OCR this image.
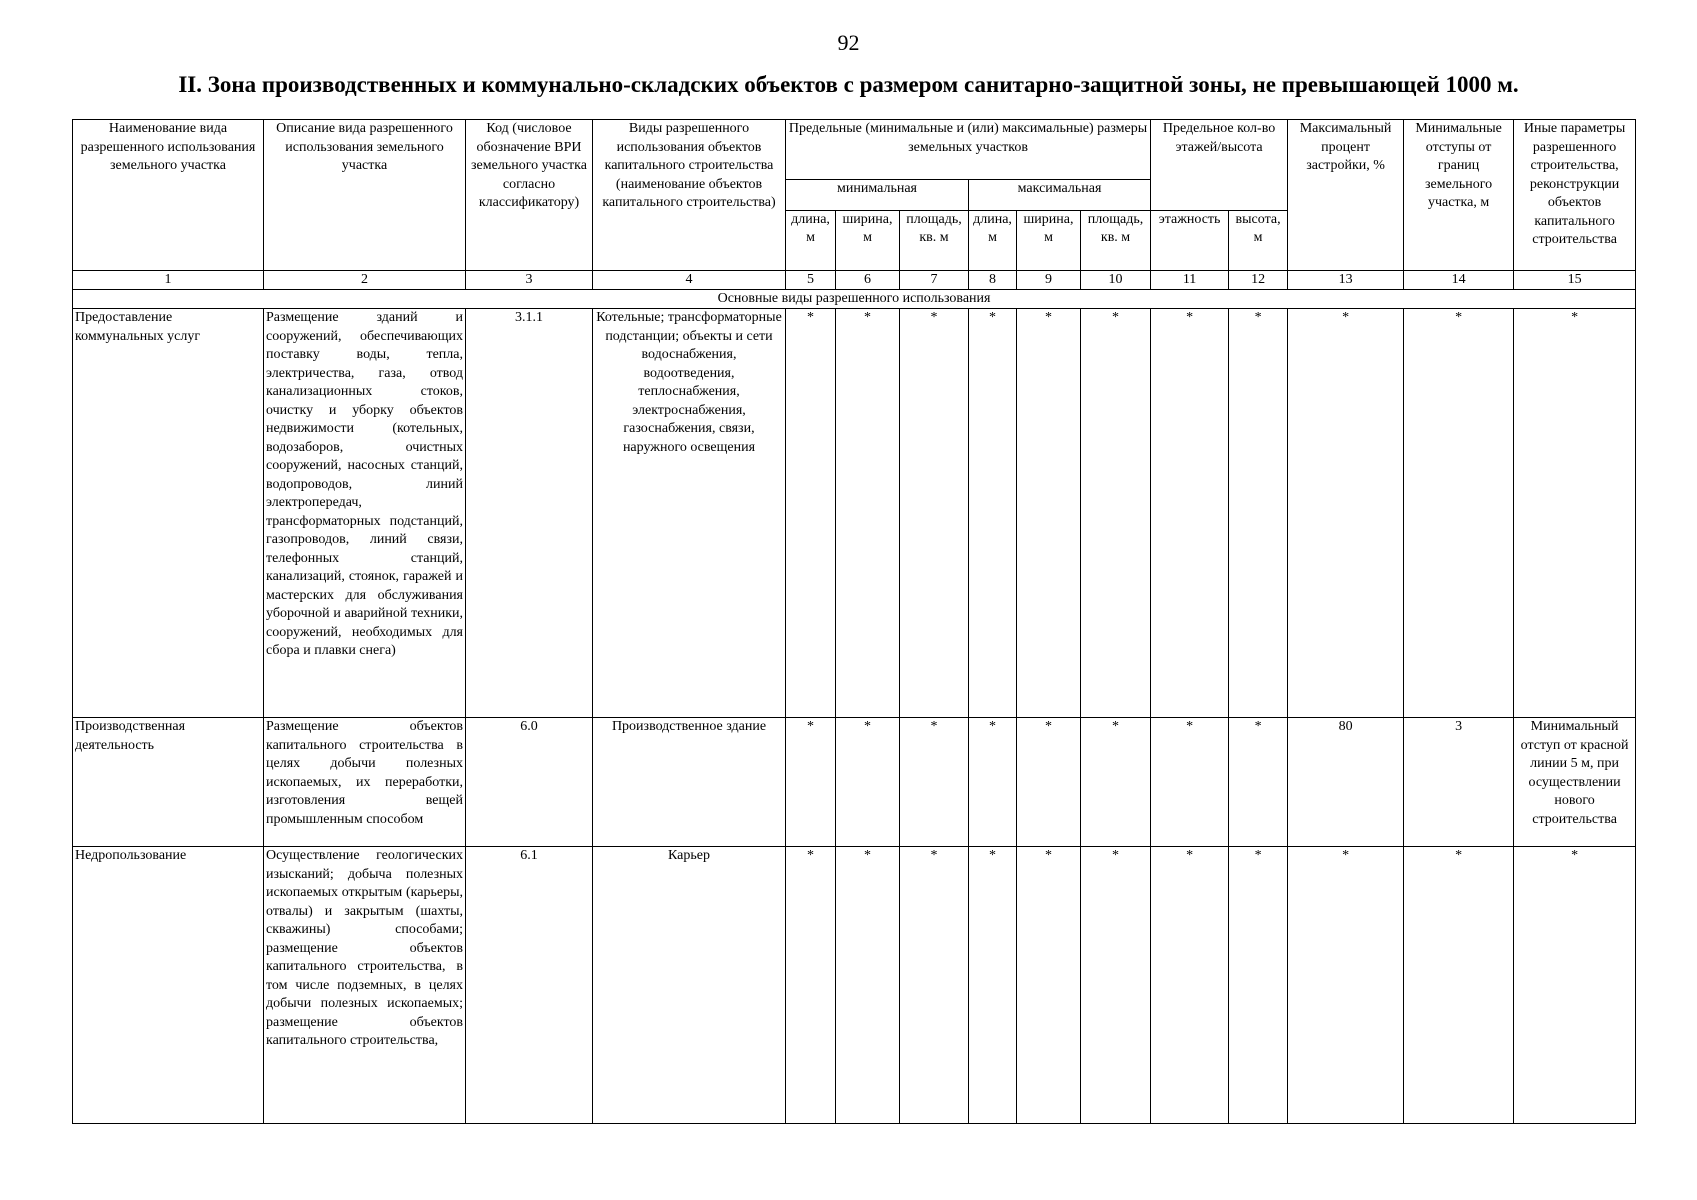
92
II. Зона производственных и коммунально-складских объектов с размером санитарно-защитной зоны, не превышающей 1000 м.
Наименование вида разрешенного использования земельного участка	Описание вида разрешенного использования земельного участка	Код (числовое обозначение ВРИ земельного участка согласно классификатору)	Виды разрешенного использования объектов капитального строительства (наименование объектов капитального строительства)	Предельные (минимальные и (или) максимальные) размеры земельных участков						Предельное кол-во этажей/высота		Максимальный процент застройки, %	Минимальные отступы от границ земельного участка, м	Иные параметры разрешенного строительства, реконструкции объектов капитального строительства
				минимальная			максимальная							
				длина, м	ширина, м	площадь, кв. м	длина, м	ширина, м	площадь, кв. м	этажность	высота, м			
1	2	3	4	5	6	7	8	9	10	11	12	13	14	15
Основные виды разрешенного использования														
Предоставление коммунальных услуг	Размещение зданий и сооружений, обеспечивающих поставку воды, тепла, электричества, газа, отвод канализационных стоков, очистку и уборку объектов недвижимости (котельных, водозаборов, очистных сооружений, насосных станций, водопроводов, линий электропередач, трансформаторных подстанций, газопроводов, линий связи, телефонных станций, канализаций, стоянок, гаражей и мастерских для обслуживания уборочной и аварийной техники, сооружений, необходимых для сбора и плавки снега)	3.1.1	Котельные; трансформаторные подстанции; объекты и сети водоснабжения, водоотведения, теплоснабжения, электроснабжения, газоснабжения, связи, наружного освещения	*	*	*	*	*	*	*	*	*	*	*
Производственная деятельность	Размещение объектов капитального строительства в целях добычи полезных ископаемых, их переработки, изготовления вещей промышленным способом	6.0	Производственное здание	*	*	*	*	*	*	*	*	80	3	Минимальный отступ от красной линии 5 м, при осуществлении нового строительства
Недропользование	Осуществление геологических изысканий; добыча полезных ископаемых открытым (карьеры, отвалы) и закрытым (шахты, скважины) способами; размещение объектов капитального строительства, в том числе подземных, в целях добычи полезных ископаемых; размещение объектов капитального строительства,	6.1	Карьер	*	*	*	*	*	*	*	*	*	*	*
